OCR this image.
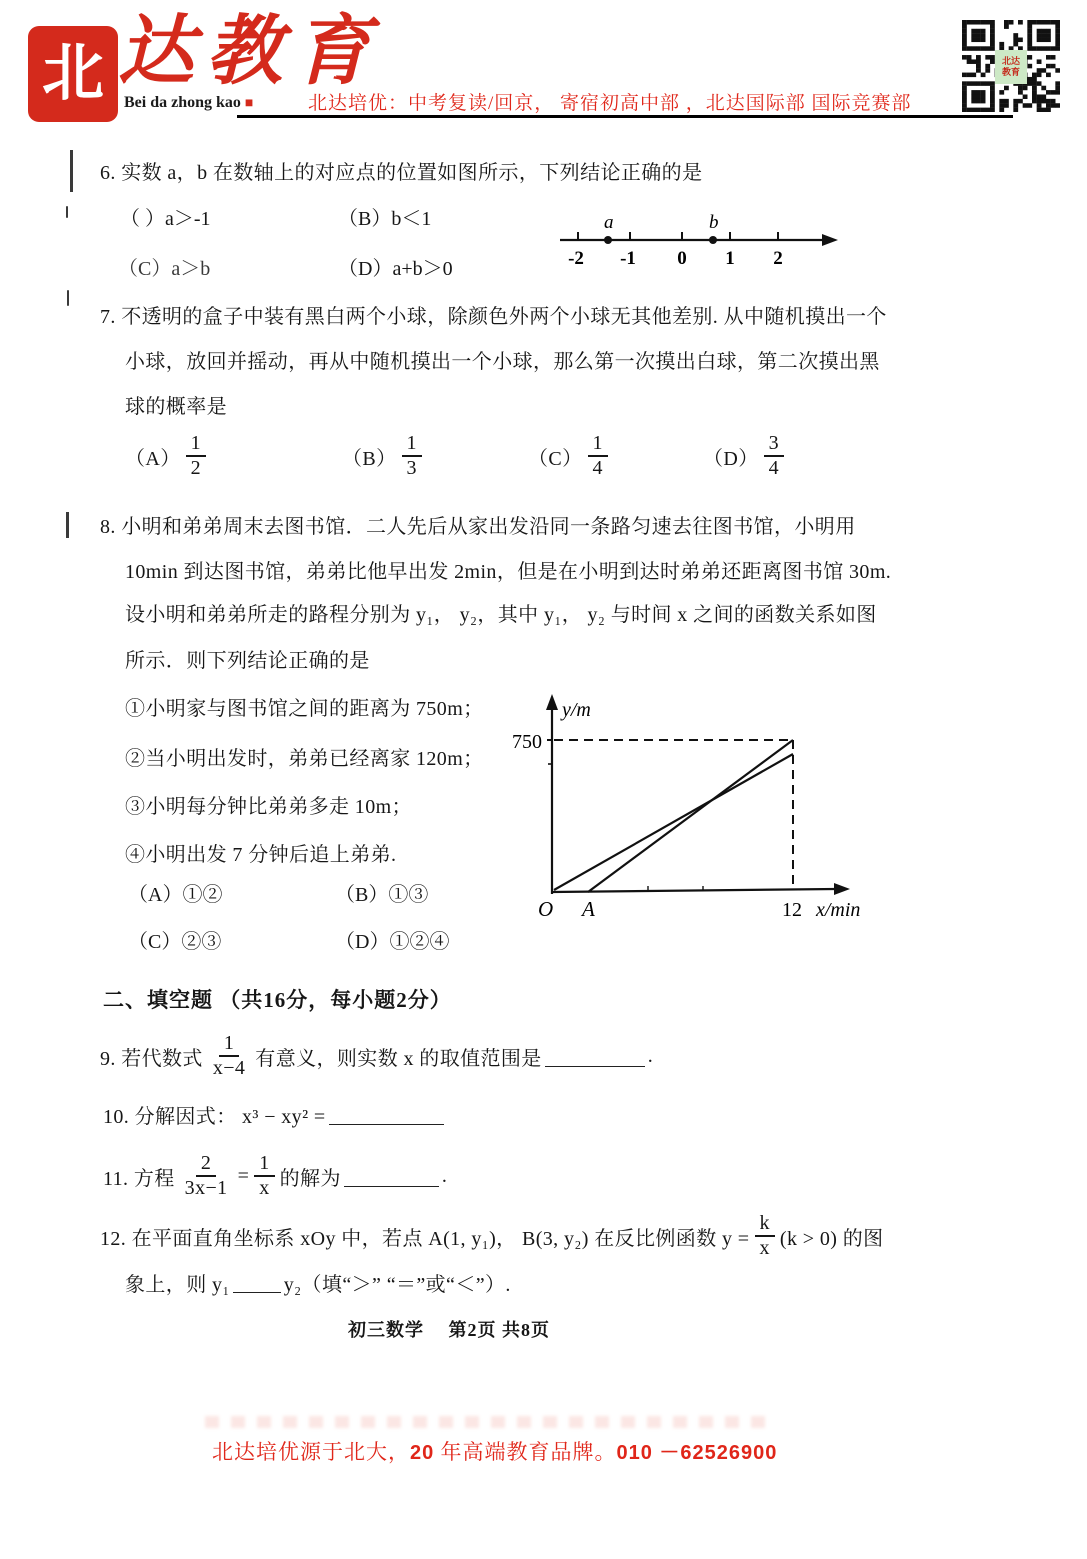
北 达教育
Bei da zhong kao ■	北达培优：中考复读/回京， 寄宿初高中部 ，北达国际部 国际竞赛部
北达
教育
6. 实数 a，b 在数轴上的对应点的位置如图所示，下列结论正确的是
（ ）a＞-1	（B）b＜1
（C）a＞b	（D）a+b＞0
a	b
-2 -1 0 1 2
7. 不透明的盒子中装有黑白两个小球，除颜色外两个小球无其他差别. 从中随机摸出一个
小球，放回并摇动，再从中随机摸出一个小球，那么第一次摸出白球，第二次摸出黑
球的概率是
$(A) \frac{1}{2}$	$(B) \frac{1}{3}$	$(C) \frac{1}{4}$	$(D) \frac{3}{4}$
8. 小明和弟弟周末去图书馆．二人先后从家出发沿同一条路匀速去往图书馆，小明用
10min 到达图书馆，弟弟比他早出发 2min，但是在小明到达时弟弟还距离图书馆 30m.
设小明和弟弟所走的路程分别为 y₁， y₂，其中 y₁， y₂ 与时间 x 之间的函数关系如图
所示．则下列结论正确的是
①小明家与图书馆之间的距离为 750m；
②当小明出发时，弟弟已经离家 120m；
③小明每分钟比弟弟多走 10m；
④小明出发 7 分钟后追上弟弟.
（A）①②	（B）①③
（C）②③	（D）①②④
y/m
750
O A	12 x/min
二、填空题 （共16分，每小题2分）
9. 若代数式 $\frac{1}{x-4}$ 有意义，则实数 x 的取值范围是	.
10. 分解因式： x³ − xy² =
11. 方程 $\frac{2}{3x-1} = \frac{1}{x}$ 的解为	.
12. 在平面直角坐标系 xOy 中，若点 A(1, y₁)， B(3, y₂) 在反比例函数 $y = \frac{k}{x} (k > 0)$ 的图
象上，则 y₁	y₂（填“＞” “＝”或“＜”）.
初三数学　 第2页 共8页
北达培优源于北大，20 年高端教育品牌。010 －62526900
